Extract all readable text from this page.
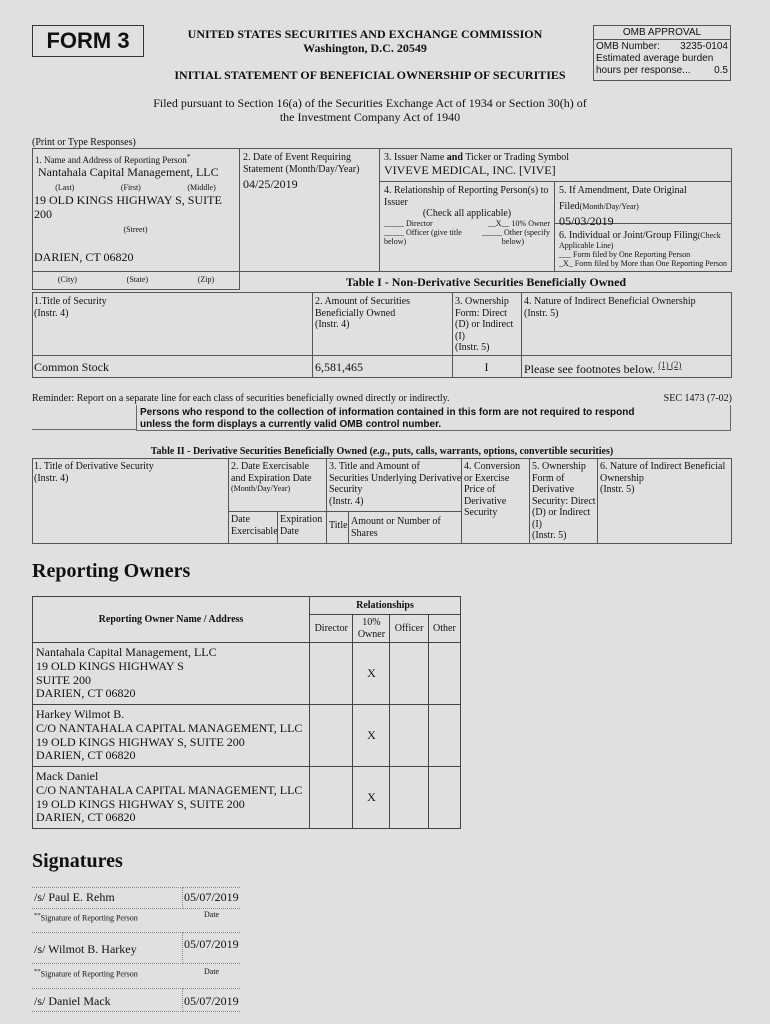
FORM 3	UNITED STATES SECURITIES AND EXCHANGE COMMISSION
Washington, D.C. 20549
INITIAL STATEMENT OF BENEFICIAL OWNERSHIP OF SECURITIES
Filed pursuant to Section 16(a) of the Securities Exchange Act of 1934 or Section 30(h) of
the Investment Company Act of 1940
(Print or Type Responses)
OMB APPROVAL
OMB Number: 3235-0104
Estimated average burden
hours per response... 0.5
1. Name and Address of Reporting Person*
Nantahala Capital Management, LLC
(Last)	(First)	(Middle)
19 OLD KINGS HIGHWAY S, SUITE
200
(Street)
DARIEN, CT 06820
(City)	(State)	(Zip)
2. Date of Event Requiring
Statement (Month/Day/Year)
04/25/2019
3. Issuer Name and Ticker or Trading Symbol
VIVEVE MEDICAL, INC. [VIVE]
4. Relationship of Reporting Person(s) to
Issuer
(Check all applicable)
_____ Director	__X__ 10% Owner
_____ Officer (give title	_____ Other (specify
below)	below)
5. If Amendment, Date Original
Filed(Month/Day/Year)
05/03/2019
6. Individual or Joint/Group Filing(Check
Applicable Line)
___ Form filed by One Reporting Person
_X_ Form filed by More than One Reporting Person
Table I - Non-Derivative Securities Beneficially Owned
1.Title of Security
(Instr. 4)
2. Amount of Securities
Beneficially Owned
(Instr. 4)
3. Ownership
Form: Direct
(D) or Indirect
(I)
(Instr. 5)
4. Nature of Indirect Beneficial Ownership
(Instr. 5)
Common Stock	6,581,465	I	Please see footnotes below. $^{(1) (2)}$
Reminder: Report on a separate line for each class of securities beneficially owned directly or indirectly.	SEC 1473 (7-02)
Persons who respond to the collection of information contained in this form are not required to respond
unless the form displays a currently valid OMB control number.
Table II - Derivative Securities Beneficially Owned (e.g., puts, calls, warrants, options, convertible securities)
1. Title of Derivative Security
(Instr. 4)
2. Date Exercisable
and Expiration Date
(Month/Day/Year)
3. Title and Amount of
Securities Underlying Derivative
Security
(Instr. 4)
4. Conversion
or Exercise
Price of
Derivative
Security
5. Ownership
Form of
Derivative
Security: Direct
(D) or Indirect
(I)
(Instr. 5)
6. Nature of Indirect Beneficial
Ownership
(Instr. 5)
Date
Exercisable
Expiration
Date	Title Amount or Number of
Shares
Reporting Owners
Reporting Owner Name / Address	Relationships			
	Director	10%
Owner	Officer	Other

Nantahala Capital Management, LLC
19 OLD KINGS HIGHWAY S
SUITE 200
DARIEN, CT 06820		X		

Harkey Wilmot B.
C/O NANTAHALA CAPITAL MANAGEMENT, LLC
19 OLD KINGS HIGHWAY S, SUITE 200
DARIEN, CT 06820		X		

Mack Daniel
C/O NANTAHALA CAPITAL MANAGEMENT, LLC
19 OLD KINGS HIGHWAY S, SUITE 200
DARIEN, CT 06820		X		
Signatures
/s/ Paul E. Rehm	05/07/2019
**Signature of Reporting Person	Date
/s/ Wilmot B. Harkey	05/07/2019
**Signature of Reporting Person	Date
/s/ Daniel Mack	05/07/2019
